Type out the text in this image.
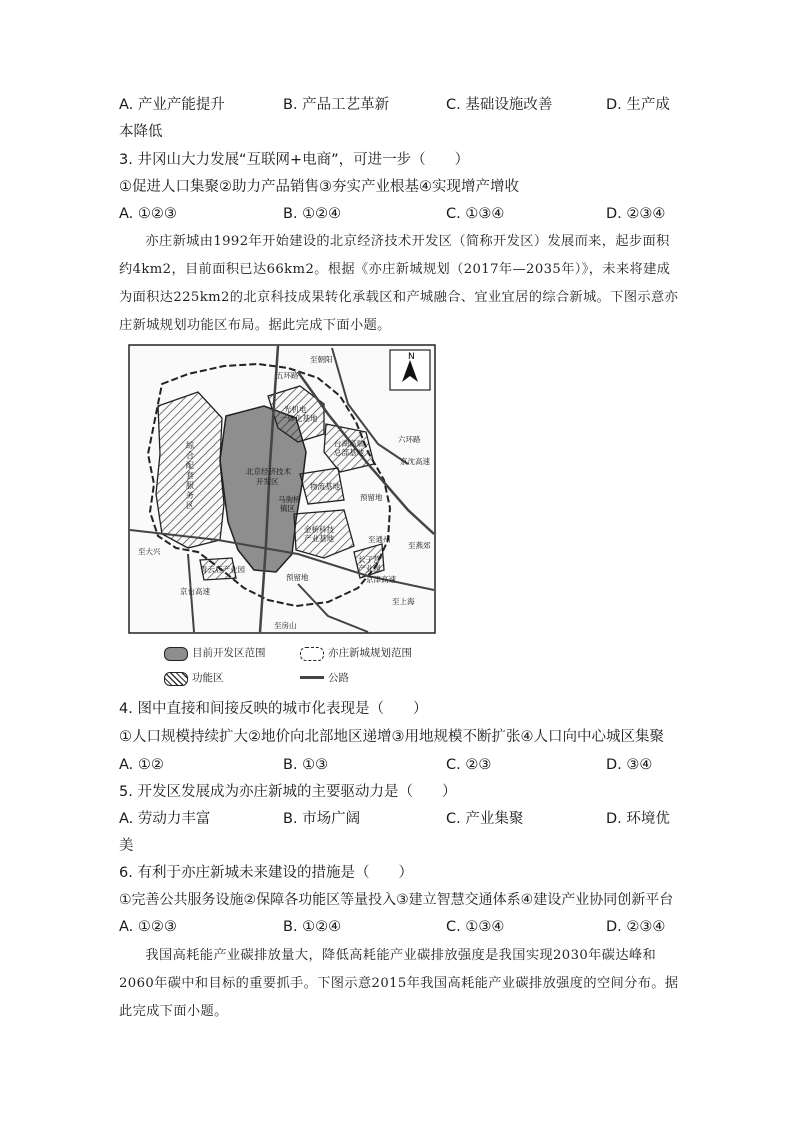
A. 产业产能提升	B. 产品工艺革新	C. 基础设施改善	D. 生产成
本降低
3. 井冈山大力发展“互联网+电商”，可进一步（　　）
①促进人口集聚②助力产品销售③夯实产业根基④实现增产增收
A. ①②③	B. ①②④	C. ①③④	D. ②③④

亦庄新城由1992年开始建设的北京经济技术开发区（简称开发区）发展而来，起步面积约4km2，目前面积已达66km2。根据《亦庄新城规划（2017年—2035年）》，未来将建成为面积达225km2的北京科技成果转化承载区和产城融合、宜业宜居的综合新城。下图示意亦庄新城规划功能区布局。据此完成下面小题。

N
至朝阳
五环路
六环路
光机电
一体化基地
台湖高端
总部基地
京沈高速
北京经济技术
开发区
物流基地
马驹桥
镇区
预留地
金桥科技
产业基地
至大兴
青云店产业园
预留地
长子营
产业园
京津高速
京台高速
至燕郊
至上海
至通州
至房山
综
合
配
套
服
务
区
目前开发区范围	亦庄新城规划范围
功能区	公路
4. 图中直接和间接反映的城市化表现是（　　）
①人口规模持续扩大②地价向北部地区递增③用地规模不断扩张④人口向中心城区集聚
A. ①②	B. ①③	C. ②③	D. ③④
5. 开发区发展成为亦庄新城的主要驱动力是（　　）
A. 劳动力丰富	B. 市场广阔	C. 产业集聚	D. 环境优
美
6. 有利于亦庄新城未来建设的措施是（　　）
①完善公共服务设施②保障各功能区等量投入③建立智慧交通体系④建设产业协同创新平台
A. ①②③	B. ①②④	C. ①③④	D. ②③④

我国高耗能产业碳排放量大，降低高耗能产业碳排放强度是我国实现2030年碳达峰和2060年碳中和目标的重要抓手。下图示意2015年我国高耗能产业碳排放强度的空间分布。据此完成下面小题。
